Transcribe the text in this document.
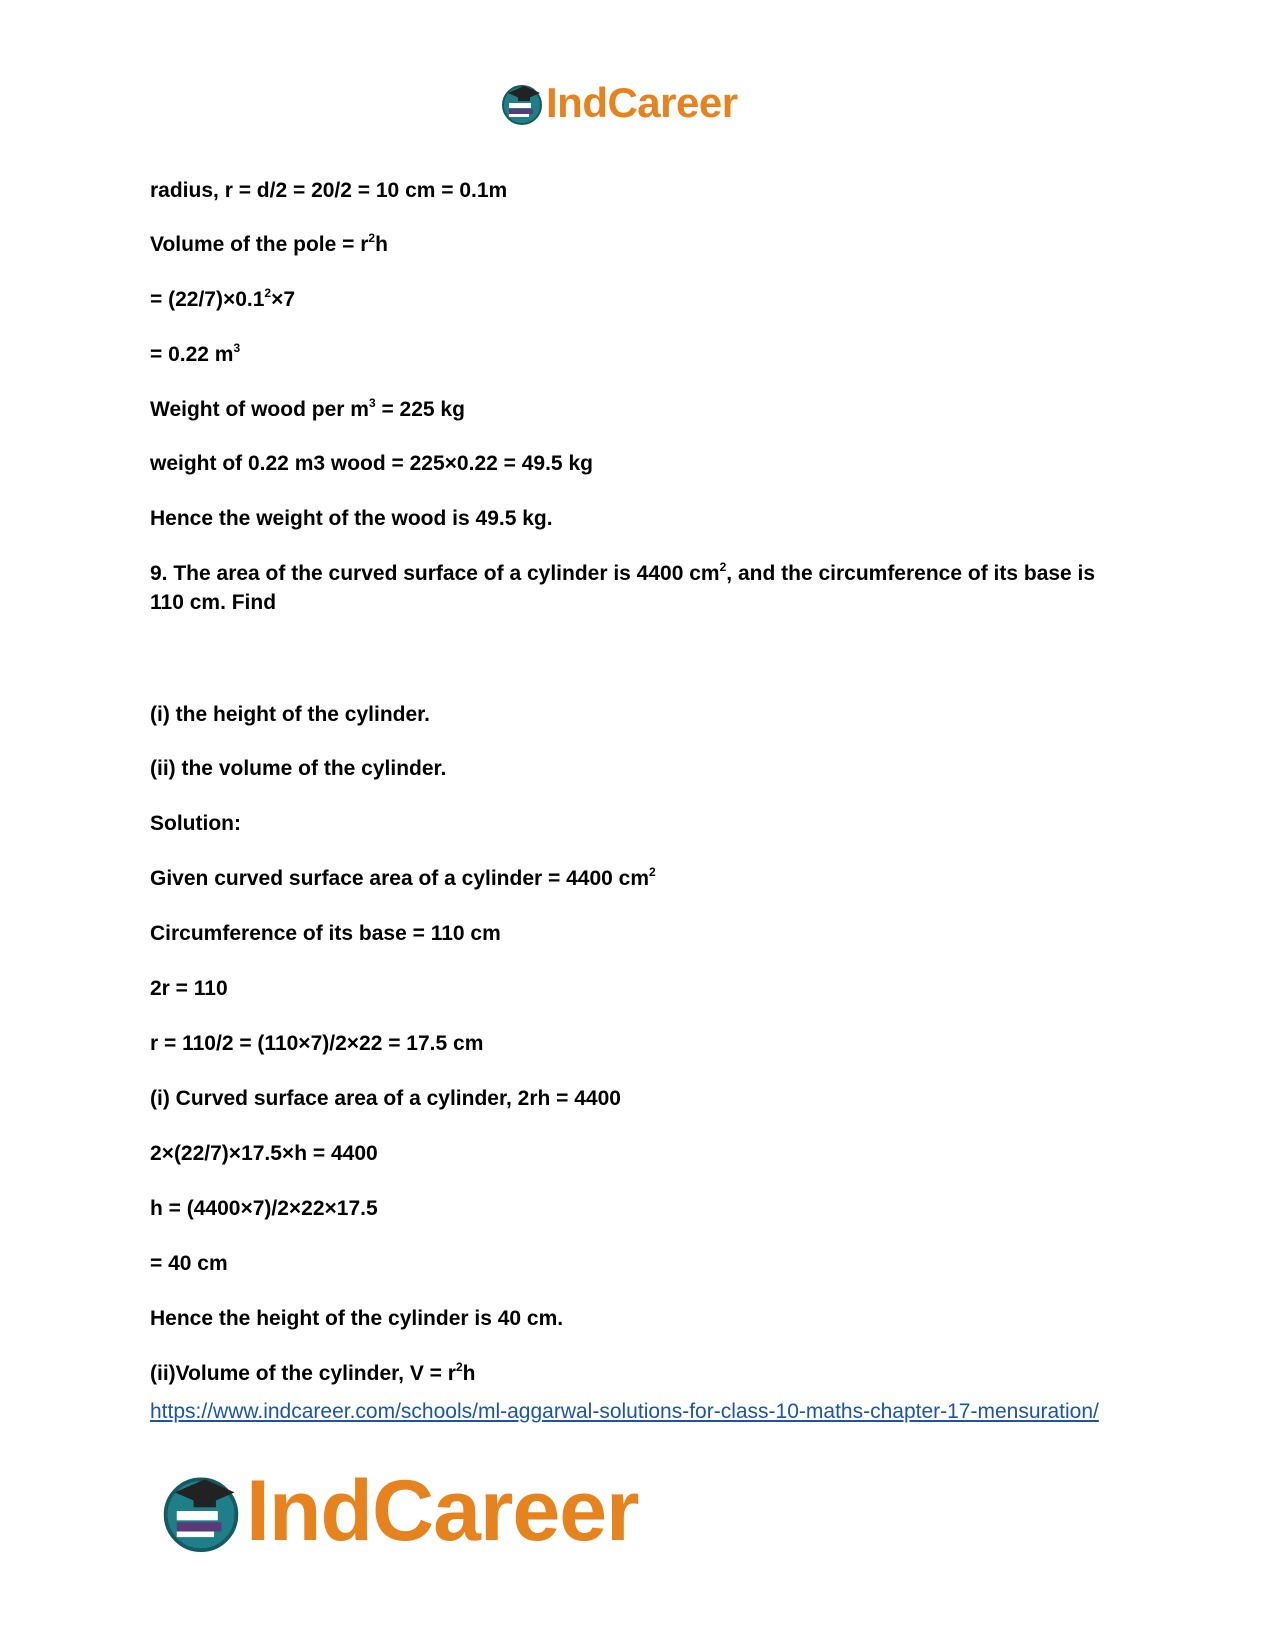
IndCareer
radius, r = d/2 = 20/2 = 10 cm = 0.1m
Volume of the pole = $r^2h$
= $(22/7)\times 0.1^2\times 7$
= 0.22 $m^3$
Weight of wood per $m^3 = 225$ kg
weight of 0.22 m3 wood = 225×0.22 = 49.5 kg
Hence the weight of the wood is 49.5 kg.
9. The area of the curved surface of a cylinder is 4400 $cm^2$, and the circumference of its base is 110 cm. Find
(i) the height of the cylinder.
(ii) the volume of the cylinder.
Solution:
Given curved surface area of a cylinder = 4400 $cm^2$
Circumference of its base = 110 cm
2r = 110
r = 110/2 = (110×7)/2×22 = 17.5 cm
(i) Curved surface area of a cylinder, 2rh = 4400
2×(22/7)×17.5×h = 4400
h = (4400×7)/2×22×17.5
= 40 cm
Hence the height of the cylinder is 40 cm.
(ii)Volume of the cylinder, $V = r^2h$
https://www.indcareer.com/schools/ml-aggarwal-solutions-for-class-10-maths-chapter-17-mensuration/
IndCareer
